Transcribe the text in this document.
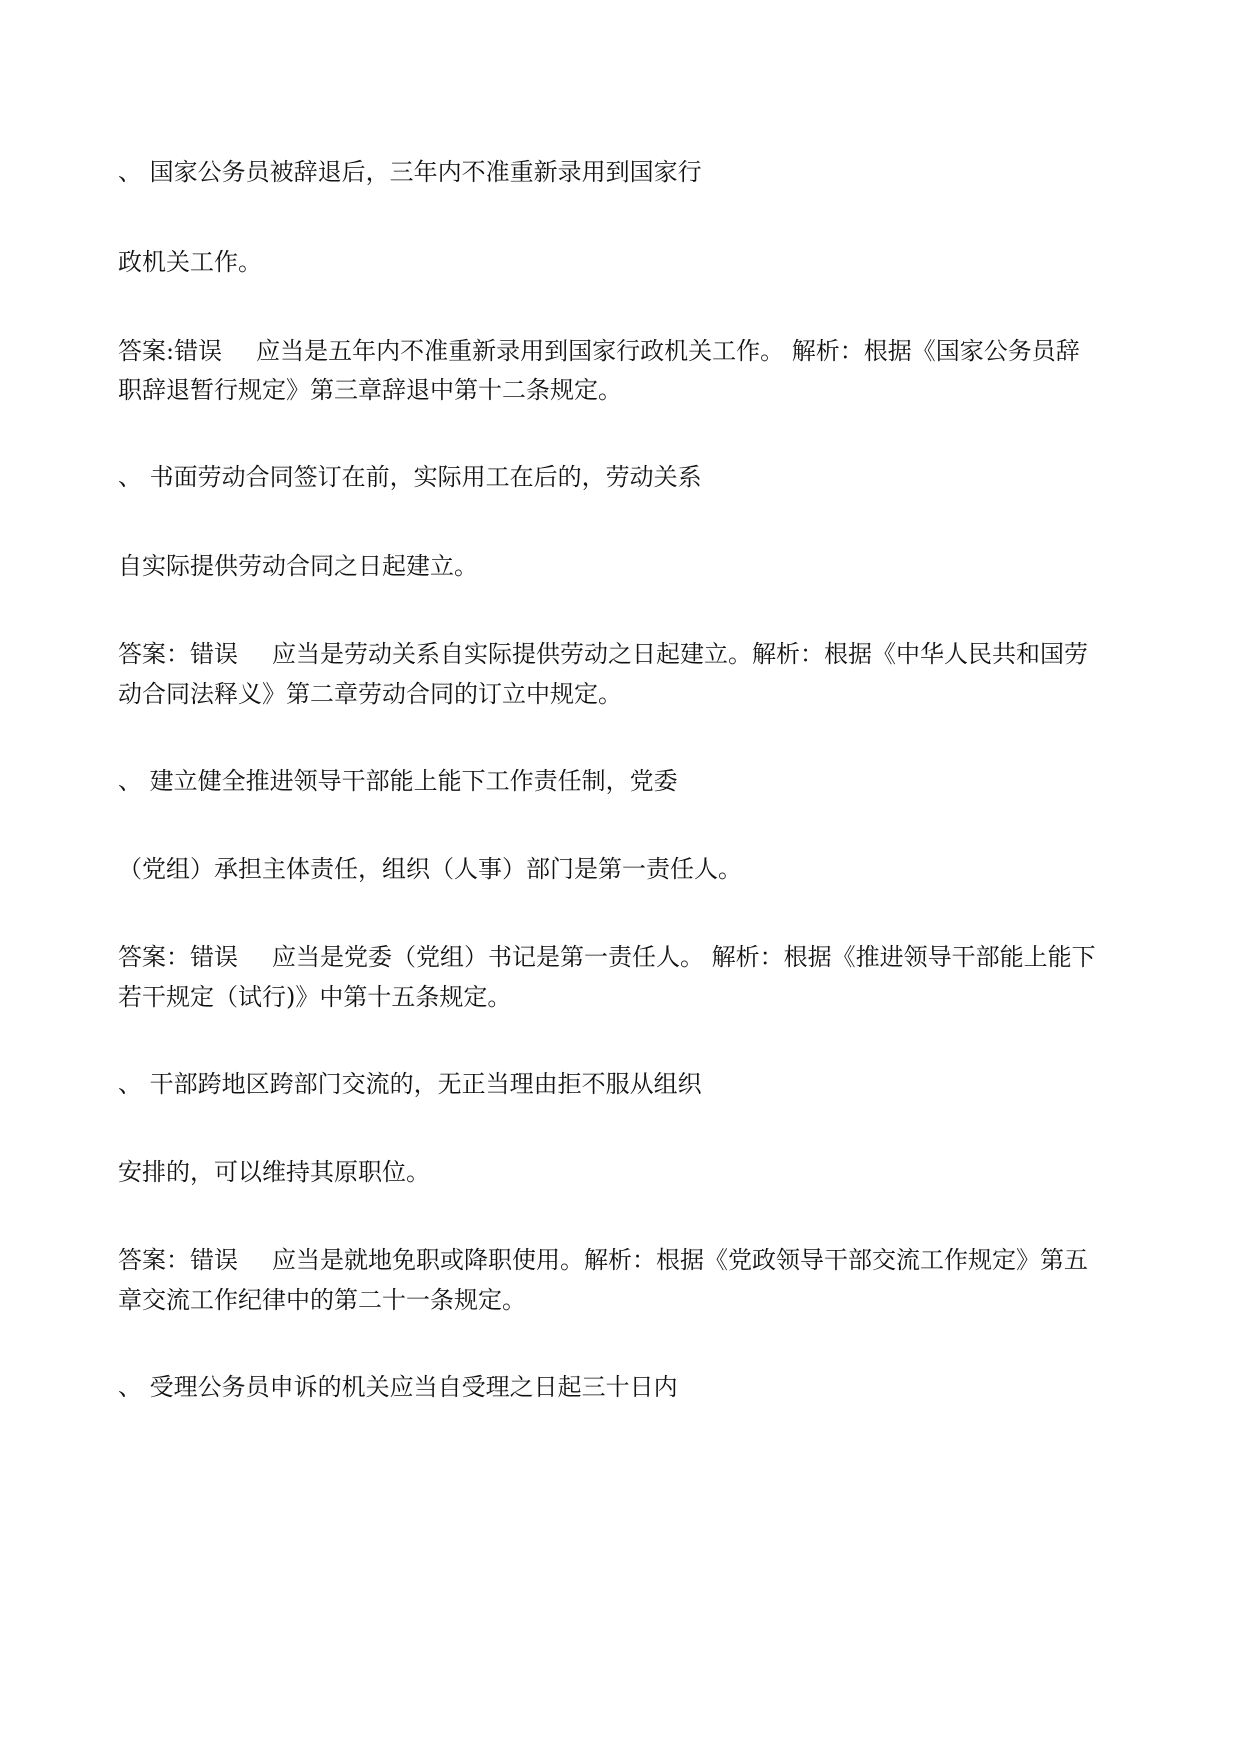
、 国家公务员被辞退后，三年内不准重新录用到国家行

政机关工作。

答案:错误 应当是五年内不准重新录用到国家行政机关工作。 解析：根据《国家公务员辞

职辞退暂行规定》第三章辞退中第十二条规定。

、 书面劳动合同签订在前，实际用工在后的，劳动关系

自实际提供劳动合同之日起建立。

答案：错误 应当是劳动关系自实际提供劳动之日起建立。解析：根据《中华人民共和国劳

动合同法释义》第二章劳动合同的订立中规定。

、 建立健全推进领导干部能上能下工作责任制，党委

（党组）承担主体责任，组织（人事）部门是第一责任人。

答案：错误 应当是党委（党组）书记是第一责任人。 解析：根据《推进领导干部能上能下

若干规定（试行)》中第十五条规定。

、 干部跨地区跨部门交流的，无正当理由拒不服从组织

安排的，可以维持其原职位。

答案：错误 应当是就地免职或降职使用。解析：根据《党政领导干部交流工作规定》第五

章交流工作纪律中的第二十一条规定。

、 受理公务员申诉的机关应当自受理之日起三十日内
